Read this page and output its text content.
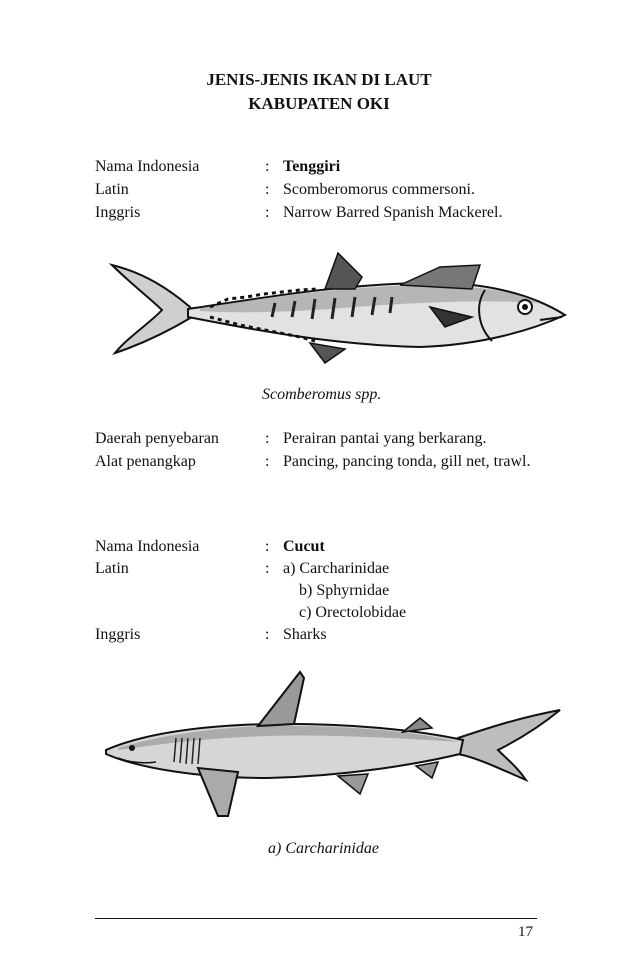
JENIS-JENIS IKAN DI LAUT
KABUPATEN OKI
Nama Indonesia	: Tenggiri
Latin	: Scomberomorus commersoni.
Inggris	: Narrow Barred Spanish Mackerel.
Scomberomus spp.
Daerah penyebaran	: Perairan pantai yang berkarang.
Alat penangkap	: Pancing, pancing tonda, gill net, trawl.
Nama Indonesia	: Cucut
Latin	: a) Carcharinidae
b) Sphyrnidae
c) Orectolobidae
Inggris	: Sharks
a) Carcharinidae
17
